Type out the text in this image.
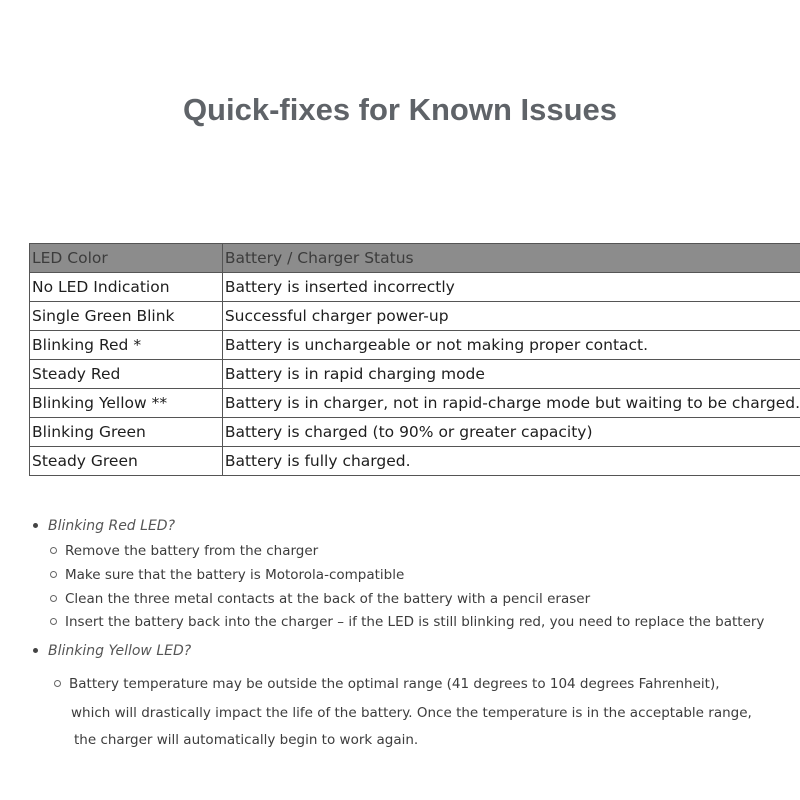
Quick-fixes for Known Issues
LED Color	Battery / Charger Status
No LED Indication	Battery is inserted incorrectly
Single Green Blink	Successful charger power-up
Blinking Red *	Battery is unchargeable or not making proper contact.
Steady Red	Battery is in rapid charging mode
Blinking Yellow **	Battery is in charger, not in rapid-charge mode but waiting to be charged.
Blinking Green	Battery is charged (to 90% or greater capacity)
Steady Green	Battery is fully charged.
Blinking Red LED?
Remove the battery from the charger
Make sure that the battery is Motorola-compatible
Clean the three metal contacts at the back of the battery with a pencil eraser
Insert the battery back into the charger – if the LED is still blinking red, you need to replace the battery
Blinking Yellow LED?
Battery temperature may be outside the optimal range (41 degrees to 104 degrees Fahrenheit),
which will drastically impact the life of the battery. Once the temperature is in the acceptable range,
the charger will automatically begin to work again.
